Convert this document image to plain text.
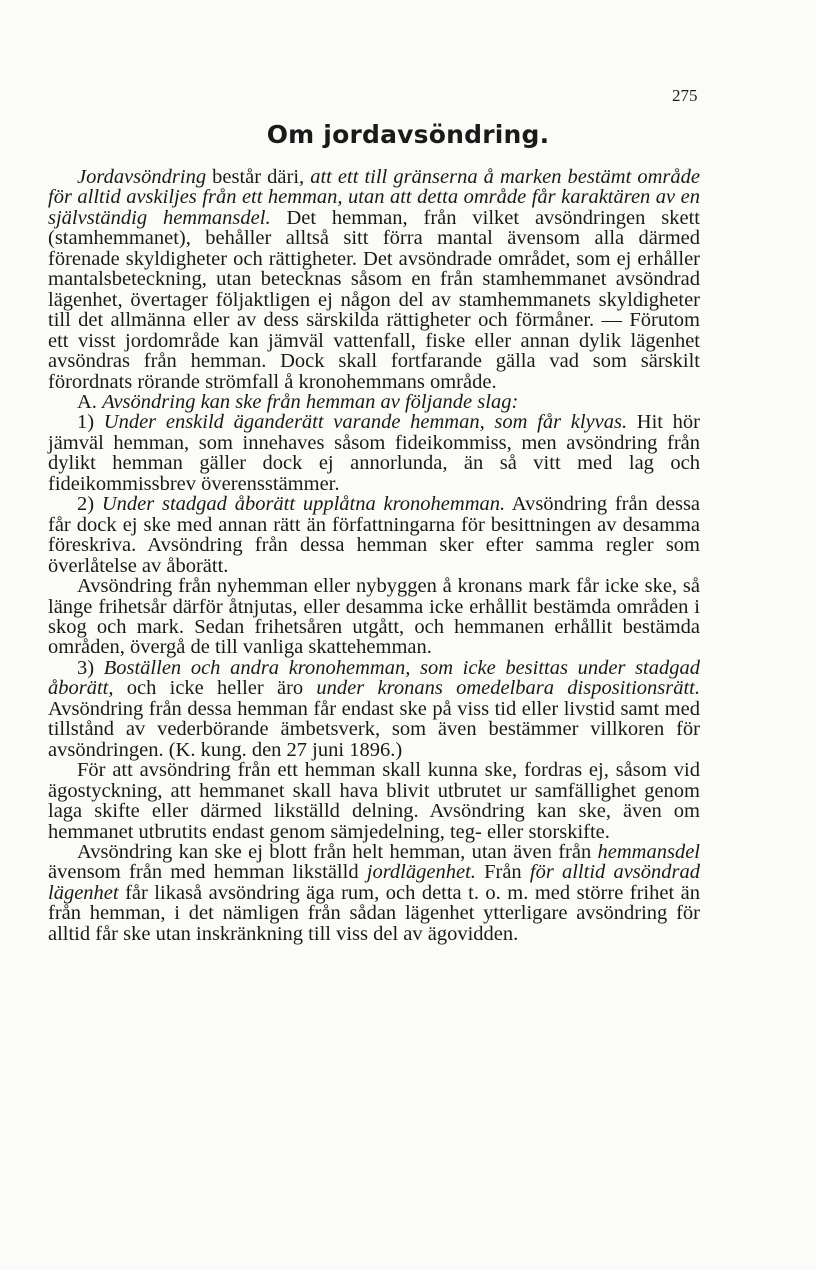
275
Om jordavsöndring.

Jordavsöndring består däri, att ett till gränserna å marken bestämt område för alltid avskiljes från ett hemman, utan att detta område får karaktären av en självständig hemmansdel. Det hemman, från vilket avsöndringen skett (stamhemmanet), behåller alltså sitt förra mantal ävensom alla därmed förenade skyldigheter och rättigheter. Det avsöndrade området, som ej erhåller mantalsbeteckning, utan betecknas såsom en från stamhemmanet avsöndrad lägenhet, övertager följaktligen ej någon del av stamhemmanets skyldigheter till det allmänna eller av dess särskilda rättigheter och förmåner. — Förutom ett visst jordområde kan jämväl vattenfall, fiske eller annan dylik lägenhet avsöndras från hemman. Dock skall fortfarande gälla vad som särskilt förordnats rörande strömfall å kronohemmans område.

A. Avsöndring kan ske från hemman av följande slag:

1) Under enskild äganderätt varande hemman, som får klyvas. Hit hör jämväl hemman, som innehaves såsom fideikommiss, men avsöndring från dylikt hemman gäller dock ej annorlunda, än så vitt med lag och fideikommissbrev överensstämmer.

2) Under stadgad åborätt upplåtna kronohemman. Avsöndring från dessa får dock ej ske med annan rätt än författningarna för besittningen av desamma föreskriva. Avsöndring från dessa hemman sker efter samma regler som överlåtelse av åborätt.

Avsöndring från nyhemman eller nybyggen å kronans mark får icke ske, så länge frihetsår därför åtnjutas, eller desamma icke erhållit bestämda områden i skog och mark. Sedan frihetsåren utgått, och hemmanen erhållit bestämda områden, övergå de till vanliga skattehemman.

3) Boställen och andra kronohemman, som icke besittas under stadgad åborätt, och icke heller äro under kronans omedelbara dispositionsrätt. Avsöndring från dessa hemman får endast ske på viss tid eller livstid samt med tillstånd av vederbörande ämbetsverk, som även bestämmer villkoren för avsöndringen. (K. kung. den 27 juni 1896.)

För att avsöndring från ett hemman skall kunna ske, fordras ej, såsom vid ägostyckning, att hemmanet skall hava blivit utbrutet ur samfällighet genom laga skifte eller därmed likställd delning. Avsöndring kan ske, även om hemmanet utbrutits endast genom sämjedelning, teg- eller storskifte.

Avsöndring kan ske ej blott från helt hemman, utan även från hemmansdel ävensom från med hemman likställd jordlägenhet. Från för alltid avsöndrad lägenhet får likaså avsöndring äga rum, och detta t. o. m. med större frihet än från hemman, i det nämligen från sådan lägenhet ytterligare avsöndring för alltid får ske utan inskränkning till viss del av ägovidden.
